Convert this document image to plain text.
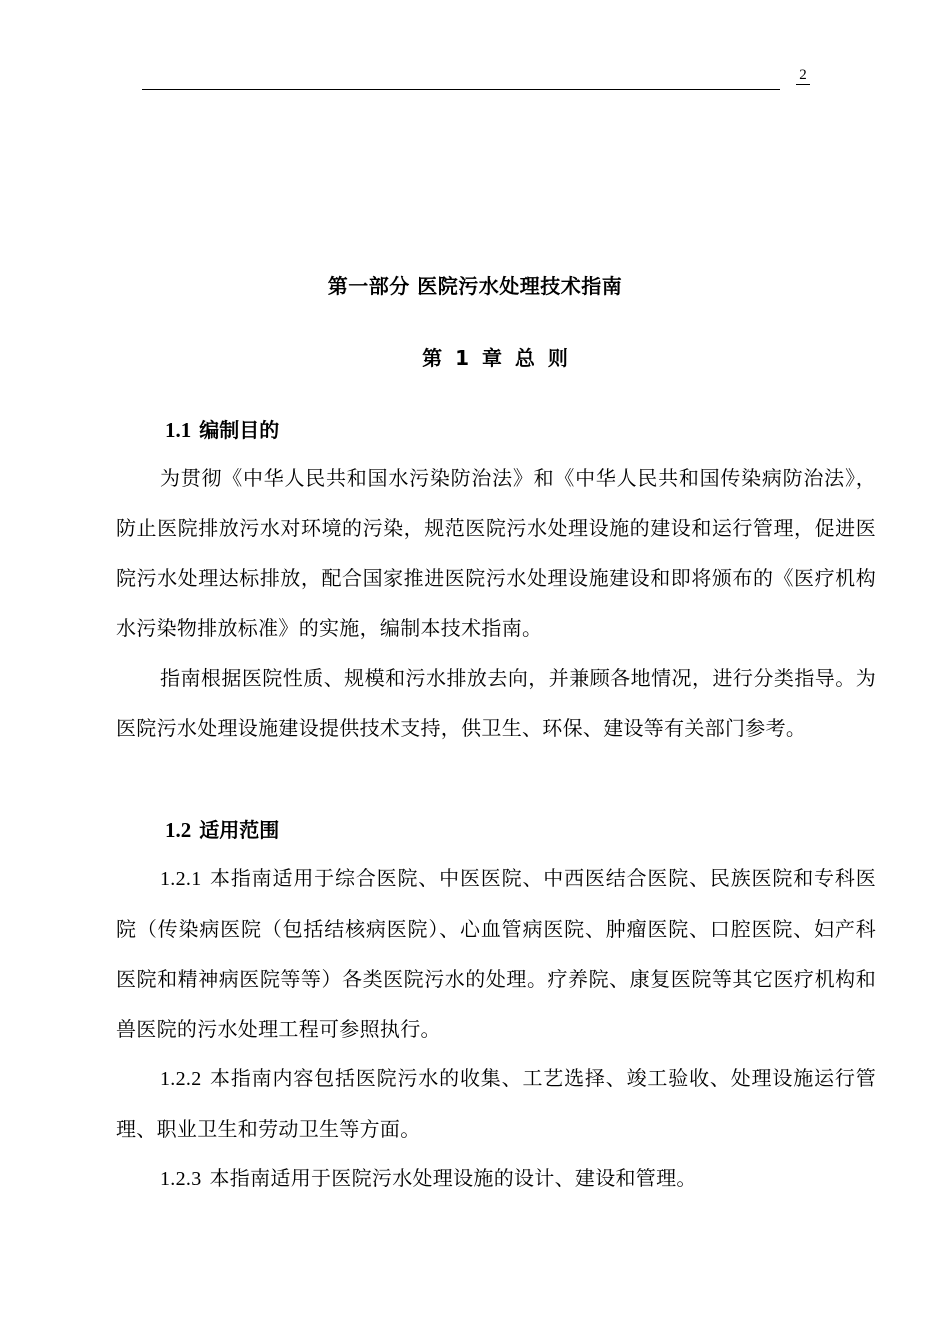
2
第一部分 医院污水处理技术指南
第 1 章 总 则
1.1 编制目的

为贯彻《中华人民共和国水污染防治法》和《中华人民共和国传染病防治法》，防止医院排放污水对环境的污染，规范医院污水处理设施的建设和运行管理，促进医院污水处理达标排放，配合国家推进医院污水处理设施建设和即将颁布的《医疗机构水污染物排放标准》的实施，编制本技术指南。

指南根据医院性质、规模和污水排放去向，并兼顾各地情况，进行分类指导。为医院污水处理设施建设提供技术支持，供卫生、环保、建设等有关部门参考。

1.2 适用范围

1.2.1 本指南适用于综合医院、中医医院、中西医结合医院、民族医院和专科医院（传染病医院（包括结核病医院）、心血管病医院、肿瘤医院、口腔医院、妇产科医院和精神病医院等等）各类医院污水的处理。疗养院、康复医院等其它医疗机构和兽医院的污水处理工程可参照执行。

1.2.2 本指南内容包括医院污水的收集、工艺选择、竣工验收、处理设施运行管理、职业卫生和劳动卫生等方面。

1.2.3 本指南适用于医院污水处理设施的设计、建设和管理。
